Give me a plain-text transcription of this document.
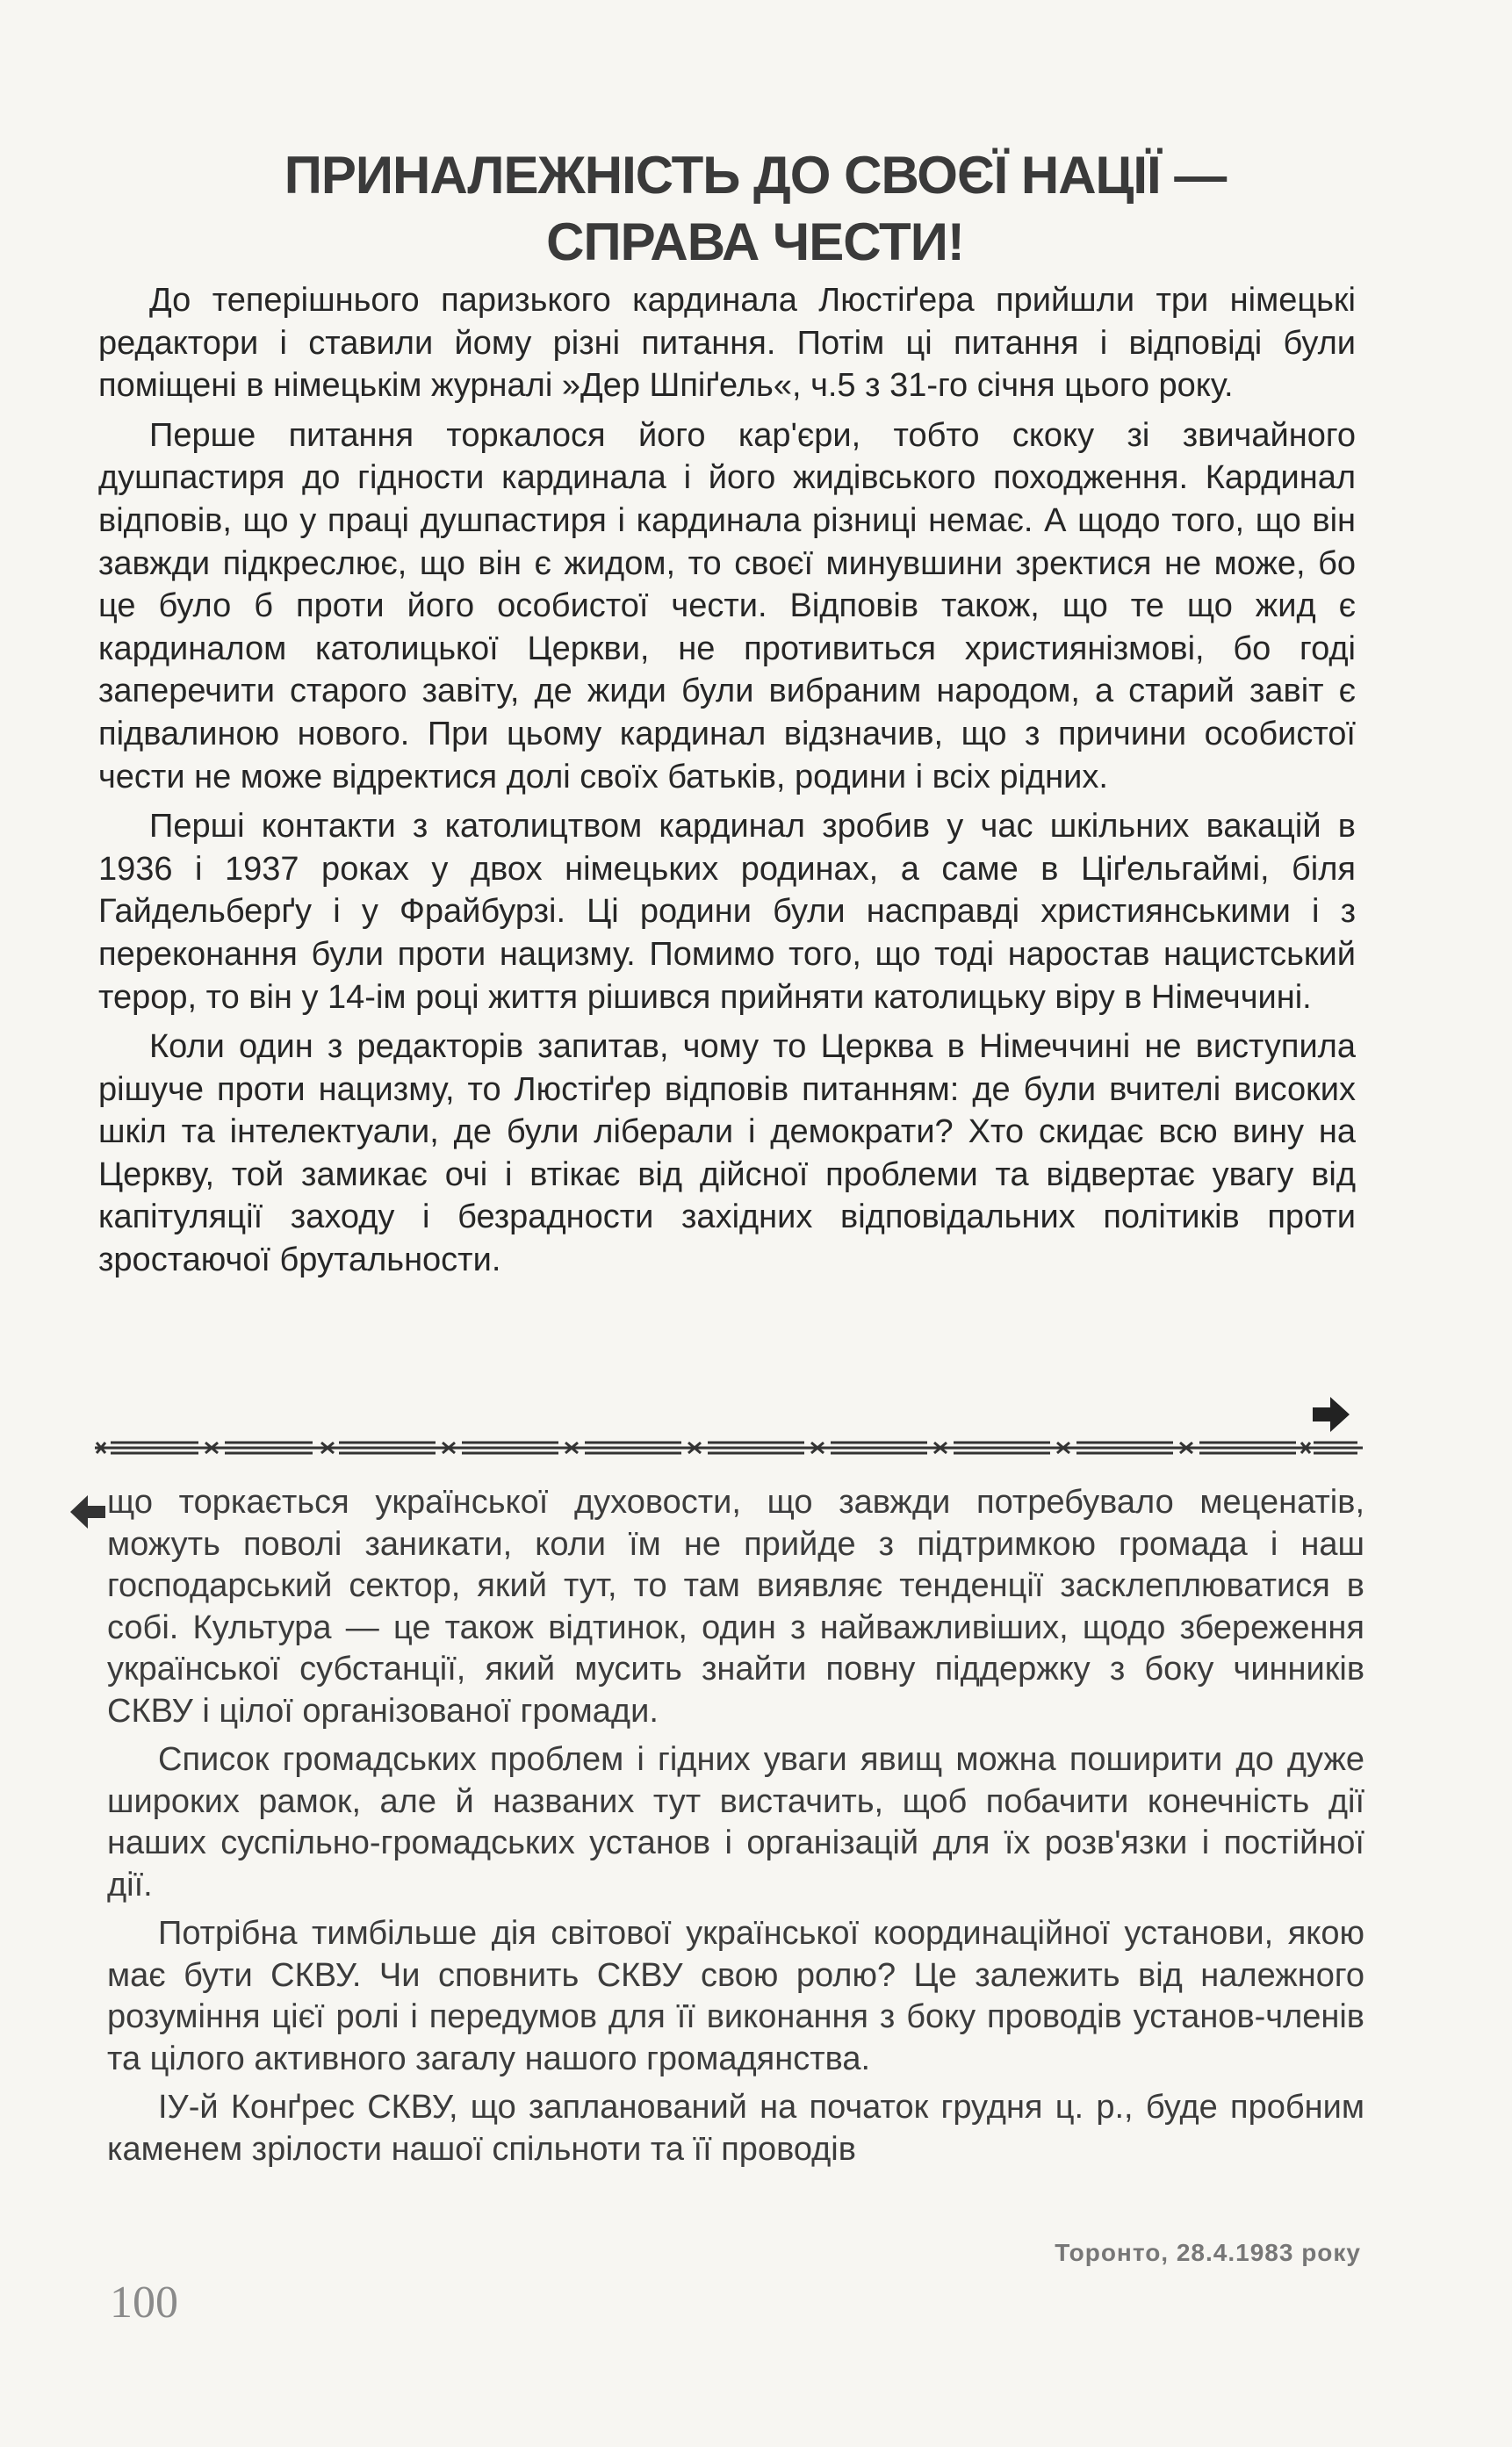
ПРИНАЛЕЖНІСТЬ ДО СВОЄЇ НАЦІЇ —
СПРАВА ЧЕСТИ!

До теперішнього паризького кардинала Люстіґера прийшли три німецькі редактори і ставили йому різні питання. Потім ці питання і відповіді були поміщені в німецькім журналі »Дер Шпіґель«, ч.5 з 31-го січня цього року.

Перше питання торкалося його кар'єри, тобто скоку зі звичайного душпастиря до гідности кардинала і його жидівського походження. Кардинал відповів, що у праці душпастиря і кардинала різниці немає. А щодо того, що він завжди підкреслює, що він є жидом, то своєї минувшини зректися не може, бо це було б проти його особистої чести. Відповів також, що те що жид є кардиналом католицької Церкви, не противиться християнізмові, бо годі заперечити старого завіту, де жиди були вибраним народом, а старий завіт є підвалиною нового. При цьому кардинал відзначив, що з причини особистої чести не може відректися долі своїх батьків, родини і всіх рідних.

Перші контакти з католицтвом кардинал зробив у час шкільних вакацій в 1936 і 1937 роках у двох німецьких родинах, а саме в Ціґельгаймі, біля Гайдельберґу і у Фрайбурзі. Ці родини були насправді християнськими і з переконання були проти нацизму. Помимо того, що тоді наростав нацистський терор, то він у 14-ім році життя рішився прийняти католицьку віру в Німеччині.

Коли один з редакторів запитав, чому то Церква в Німеччині не виступила рішуче проти нацизму, то Люстіґер відповів питанням: де були вчителі високих шкіл та інтелектуали, де були ліберали і демократи? Хто скидає всю вину на Церкву, той замикає очі і втікає від дійсної проблеми та відвертає увагу від капітуляції заходу і безрадности західних відповідальних політиків проти зростаючої брутальности.

що торкається української духовости, що завжди потребувало меценатів, можуть поволі заникати, коли їм не прийде з підтримкою громада і наш господарський сектор, який тут, то там виявляє тенденції засклеплюватися в собі. Культура — це також відтинок, один з найважливіших, щодо збереження української субстанції, який мусить знайти повну піддержку з боку чинників СКВУ і цілої організованої громади.

Список громадських проблем і гідних уваги явищ можна поширити до дуже широких рамок, але й названих тут вистачить, щоб побачити конечність дії наших суспільно-громадських установ і організацій для їх розв'язки і постійної дії.

Потрібна тимбільше дія світової української координаційної установи, якою має бути СКВУ. Чи сповнить СКВУ свою ролю? Це залежить від належного розуміння цієї ролі і передумов для її виконання з боку проводів установ-членів та цілого активного загалу нашого громадянства.

ІУ-й Конґрес СКВУ, що запланований на початок грудня ц. р., буде пробним каменем зрілости нашої спільноти та її проводів

Торонто, 28.4.1983 року
100
